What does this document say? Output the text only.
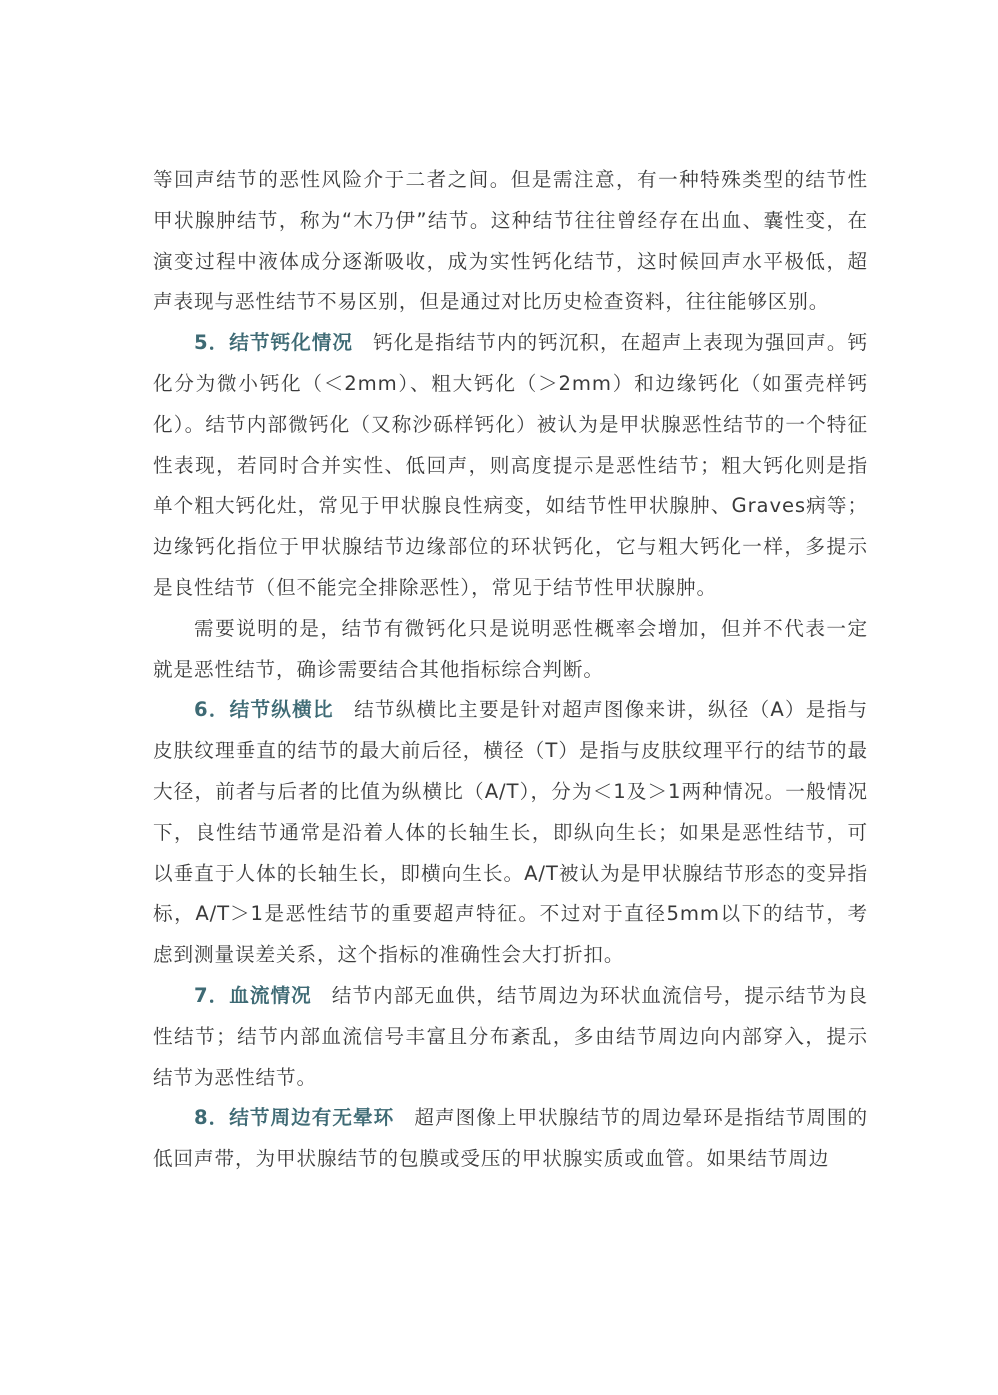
等回声结节的恶性风险介于二者之间。但是需注意，有一种特殊类型的结节性甲状腺肿结节，称为“木乃伊”结节。这种结节往往曾经存在出血、囊性变，在演变过程中液体成分逐渐吸收，成为实性钙化结节，这时候回声水平极低，超声表现与恶性结节不易区别，但是通过对比历史检查资料，往往能够区别。

5．结节钙化情况 钙化是指结节内的钙沉积，在超声上表现为强回声。钙化分为微小钙化（＜2mm）、粗大钙化（＞2mm）和边缘钙化（如蛋壳样钙化）。结节内部微钙化（又称沙砾样钙化）被认为是甲状腺恶性结节的一个特征性表现，若同时合并实性、低回声，则高度提示是恶性结节；粗大钙化则是指单个粗大钙化灶，常见于甲状腺良性病变，如结节性甲状腺肿、Graves病等；边缘钙化指位于甲状腺结节边缘部位的环状钙化，它与粗大钙化一样，多提示是良性结节（但不能完全排除恶性），常见于结节性甲状腺肿。

需要说明的是，结节有微钙化只是说明恶性概率会增加，但并不代表一定就是恶性结节，确诊需要结合其他指标综合判断。

6．结节纵横比 结节纵横比主要是针对超声图像来讲，纵径（A）是指与皮肤纹理垂直的结节的最大前后径，横径（T）是指与皮肤纹理平行的结节的最大径，前者与后者的比值为纵横比（A/T），分为＜1及＞1两种情况。一般情况下，良性结节通常是沿着人体的长轴生长，即纵向生长；如果是恶性结节，可以垂直于人体的长轴生长，即横向生长。A/T被认为是甲状腺结节形态的变异指标，A/T＞1是恶性结节的重要超声特征。不过对于直径5mm以下的结节，考虑到测量误差关系，这个指标的准确性会大打折扣。

7．血流情况 结节内部无血供，结节周边为环状血流信号，提示结节为良性结节；结节内部血流信号丰富且分布紊乱，多由结节周边向内部穿入，提示结节为恶性结节。

8．结节周边有无晕环 超声图像上甲状腺结节的周边晕环是指结节周围的低回声带，为甲状腺结节的包膜或受压的甲状腺实质或血管。如果结节周边
